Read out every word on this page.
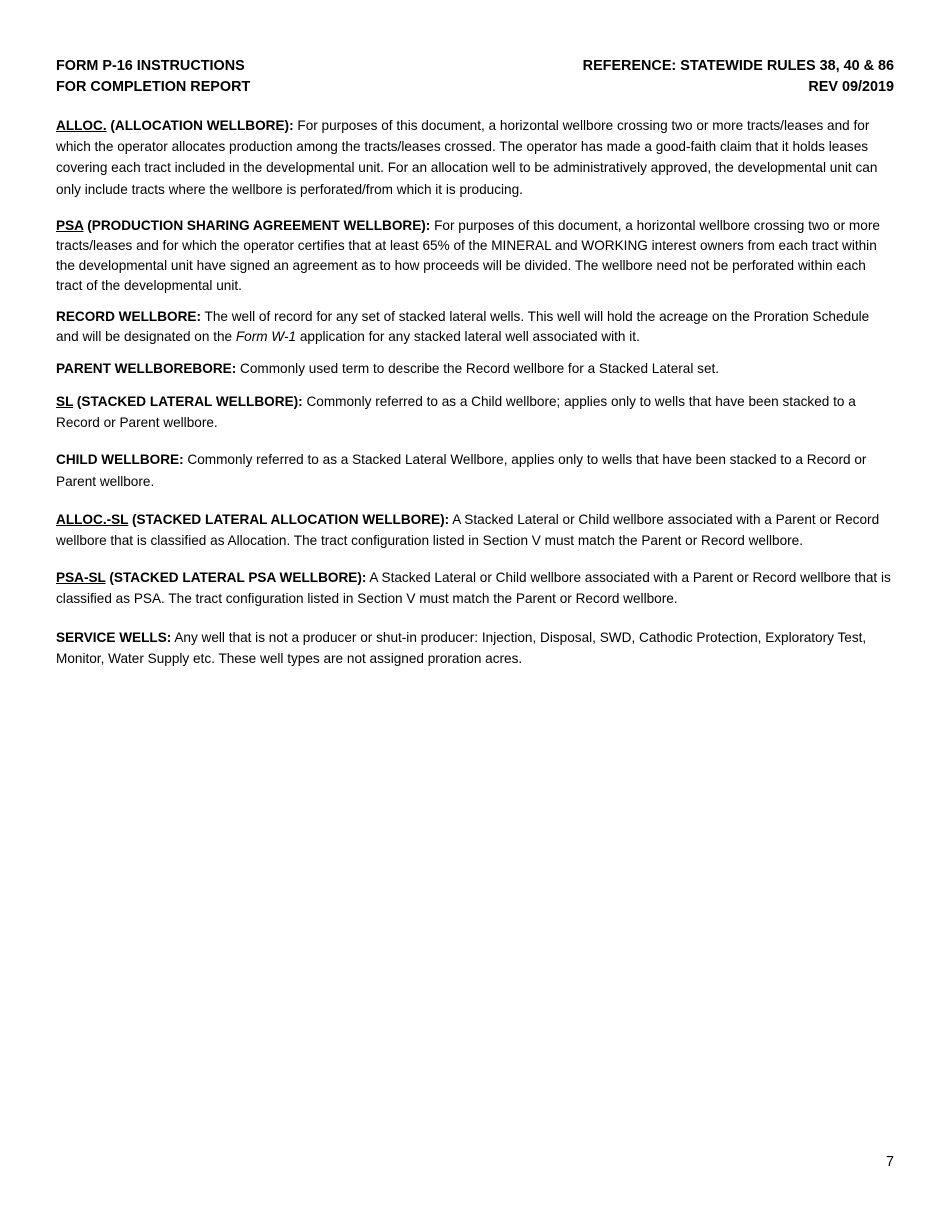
FORM P-16 INSTRUCTIONS
FOR COMPLETION REPORT
REFERENCE: STATEWIDE RULES 38, 40 & 86
REV 09/2019

ALLOC. (ALLOCATION WELLBORE): For purposes of this document, a horizontal wellbore crossing two or more tracts/leases and for which the operator allocates production among the tracts/leases crossed. The operator has made a good-faith claim that it holds leases covering each tract included in the developmental unit. For an allocation well to be administratively approved, the developmental unit can only include tracts where the wellbore is perforated/from which it is producing.

PSA (PRODUCTION SHARING AGREEMENT WELLBORE): For purposes of this document, a horizontal wellbore crossing two or more tracts/leases and for which the operator certifies that at least 65% of the MINERAL and WORKING interest owners from each tract within the developmental unit have signed an agreement as to how proceeds will be divided. The wellbore need not be perforated within each tract of the developmental unit.

RECORD WELLBORE: The well of record for any set of stacked lateral wells. This well will hold the acreage on the Proration Schedule and will be designated on the Form W-1 application for any stacked lateral well associated with it.

PARENT WELLBOREBORE: Commonly used term to describe the Record wellbore for a Stacked Lateral set.

SL (STACKED LATERAL WELLBORE): Commonly referred to as a Child wellbore; applies only to wells that have been stacked to a Record or Parent wellbore.

CHILD WELLBORE: Commonly referred to as a Stacked Lateral Wellbore, applies only to wells that have been stacked to a Record or Parent wellbore.

ALLOC.-SL (STACKED LATERAL ALLOCATION WELLBORE): A Stacked Lateral or Child wellbore associated with a Parent or Record wellbore that is classified as Allocation. The tract configuration listed in Section V must match the Parent or Record wellbore.

PSA-SL (STACKED LATERAL PSA WELLBORE): A Stacked Lateral or Child wellbore associated with a Parent or Record wellbore that is classified as PSA. The tract configuration listed in Section V must match the Parent or Record wellbore.

SERVICE WELLS: Any well that is not a producer or shut-in producer: Injection, Disposal, SWD, Cathodic Protection, Exploratory Test, Monitor, Water Supply etc. These well types are not assigned proration acres.

7
